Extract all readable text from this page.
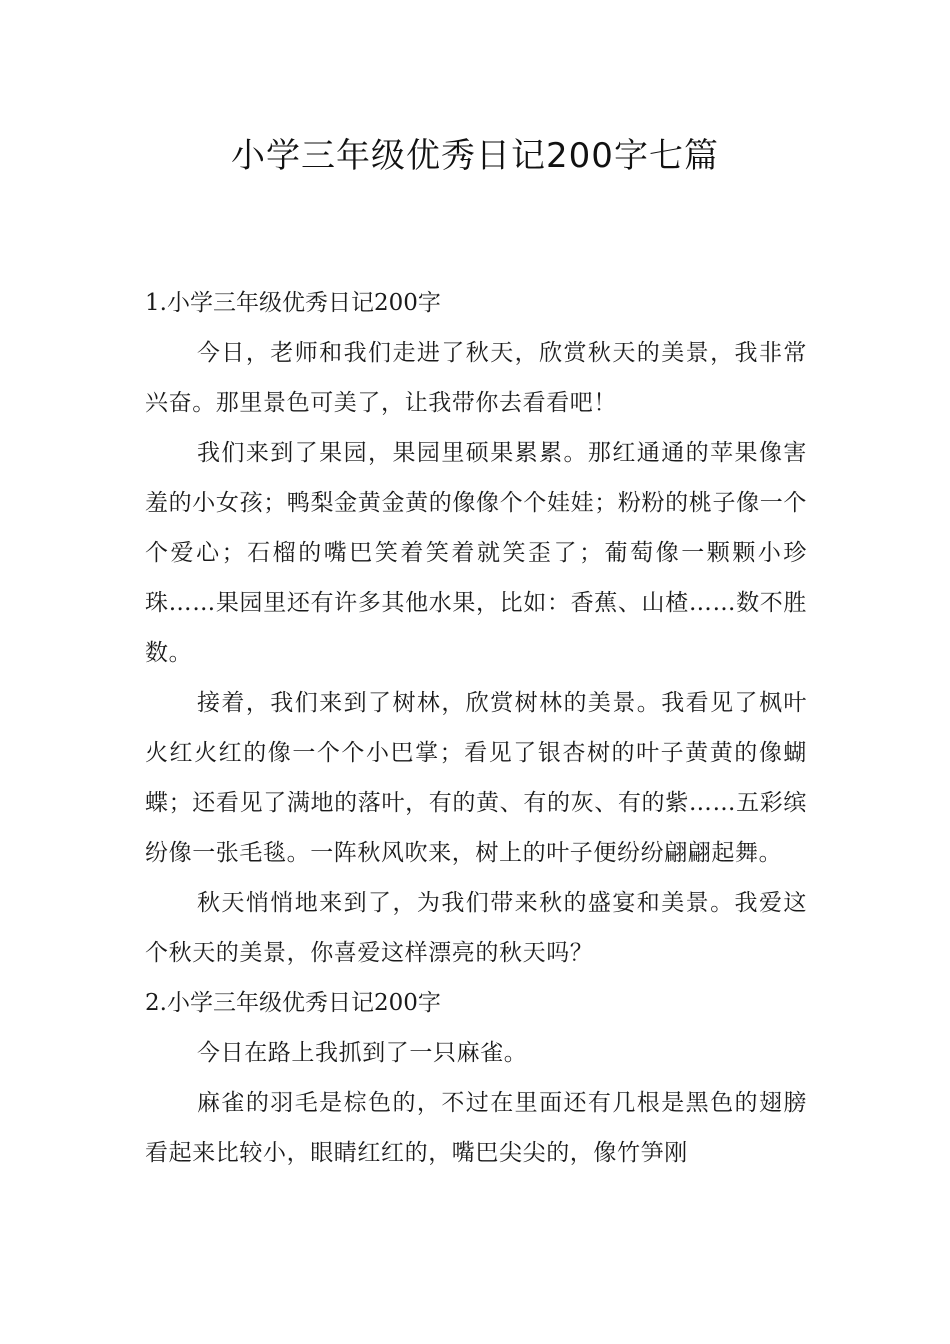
小学三年级优秀日记200字七篇

1.小学三年级优秀日记200字

今日，老师和我们走进了秋天，欣赏秋天的美景，我非常兴奋。那里景色可美了，让我带你去看看吧！

我们来到了果园，果园里硕果累累。那红通通的苹果像害羞的小女孩；鸭梨金黄金黄的像像个个娃娃；粉粉的桃子像一个个爱心；石榴的嘴巴笑着笑着就笑歪了；葡萄像一颗颗小珍珠……果园里还有许多其他水果，比如：香蕉、山楂……数不胜数。

接着，我们来到了树林，欣赏树林的美景。我看见了枫叶火红火红的像一个个小巴掌；看见了银杏树的叶子黄黄的像蝴蝶；还看见了满地的落叶，有的黄、有的灰、有的紫……五彩缤纷像一张毛毯。一阵秋风吹来，树上的叶子便纷纷翩翩起舞。

秋天悄悄地来到了，为我们带来秋的盛宴和美景。我爱这个秋天的美景，你喜爱这样漂亮的秋天吗？

2.小学三年级优秀日记200字

今日在路上我抓到了一只麻雀。

麻雀的羽毛是棕色的，不过在里面还有几根是黑色的翅膀看起来比较小，眼睛红红的，嘴巴尖尖的，像竹笋刚
